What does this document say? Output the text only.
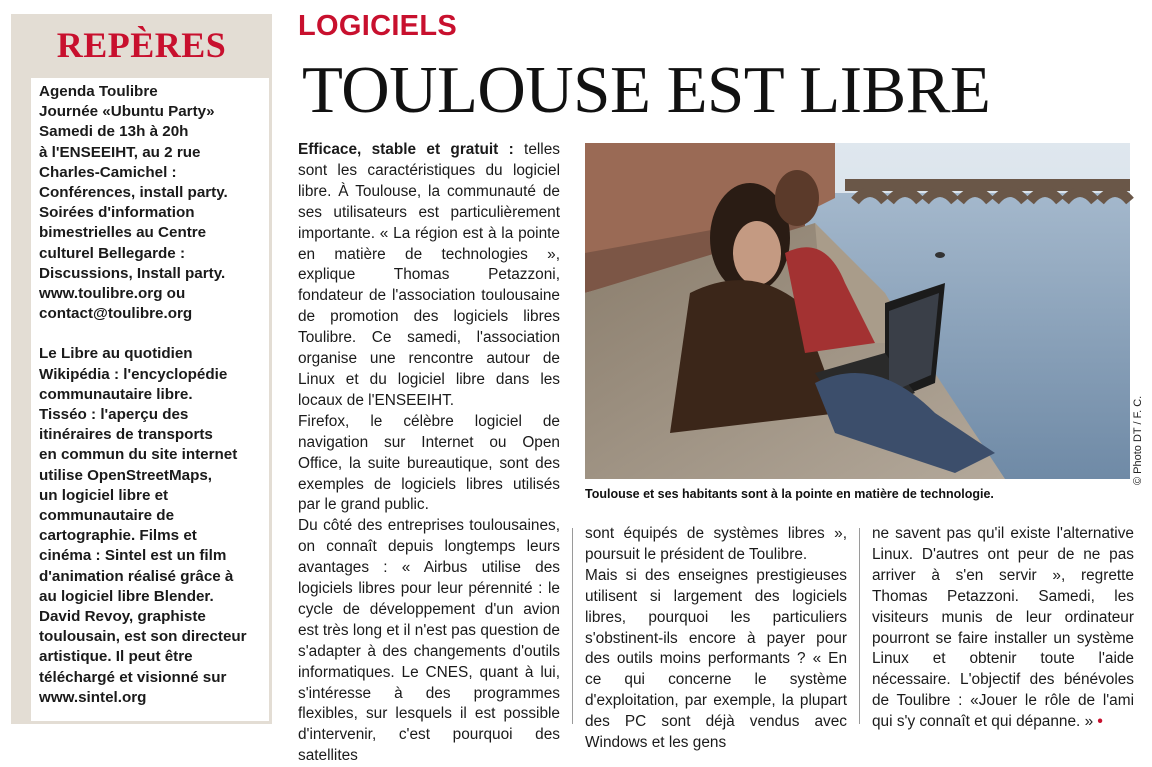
REPÈRES
Agenda Toulibre
Journée «Ubuntu Party»
Samedi de 13h à 20h
à l'ENSEEIHT, au 2 rue
Charles-Camichel :
Conférences, install party.
Soirées d'information
bimestrielles au Centre
culturel Bellegarde :
Discussions, Install party.
www.toulibre.org ou
contact@toulibre.org
Le Libre au quotidien
Wikipédia : l'encyclopédie
communautaire libre.
Tisséo : l'aperçu des
itinéraires de transports
en commun du site internet
utilise OpenStreetMaps,
un logiciel libre et
communautaire de
cartographie. Films et
cinéma : Sintel est un film
d'animation réalisé grâce à
au logiciel libre Blender.
David Revoy, graphiste
toulousain, est son directeur
artistique. Il peut être
téléchargé et visionné sur
www.sintel.org
LOGICIELS
TOULOUSE EST LIBRE

Efficace, stable et gratuit : telles sont les caractéristiques du logiciel libre. À Toulouse, la communauté de ses utilisateurs est particulièrement importante. « La région est à la pointe en matière de technologies », explique Thomas Petazzoni, fondateur de l'association toulousaine de promotion des logiciels libres Toulibre. Ce samedi, l'association organise une rencontre autour de Linux et du logiciel libre dans les locaux de l'ENSEEIHT.

Firefox, le célèbre logiciel de navigation sur Internet ou Open Office, la suite bureautique, sont des exemples de logiciels libres utilisés par le grand public.

Du côté des entreprises toulousaines, on connaît depuis longtemps leurs avantages : « Airbus utilise des logiciels libres pour leur pérennité : le cycle de développement d'un avion est très long et il n'est pas question de s'adapter à des changements d'outils informatiques. Le CNES, quant à lui, s'intéresse à des programmes flexibles, sur lesquels il est possible d'intervenir, c'est pourquoi des satellites

Toulouse et ses habitants sont à la pointe en matière de technologie.
© Photo DT / F. C.

sont équipés de systèmes libres », poursuit le président de Toulibre.

Mais si des enseignes prestigieuses utilisent si largement des logiciels libres, pourquoi les particuliers s'obstinent-ils encore à payer pour des outils moins performants ? « En ce qui concerne le système d'exploitation, par exemple, la plupart des PC sont déjà vendus avec Windows et les gens

ne savent pas qu'il existe l'alternative Linux. D'autres ont peur de ne pas arriver à s'en servir », regrette Thomas Petazzoni. Samedi, les visiteurs munis de leur ordinateur pourront se faire installer un système Linux et obtenir toute l'aide nécessaire. L'objectif des bénévoles de Toulibre : «Jouer le rôle de l'ami qui s'y connaît et qui dépanne. » •
